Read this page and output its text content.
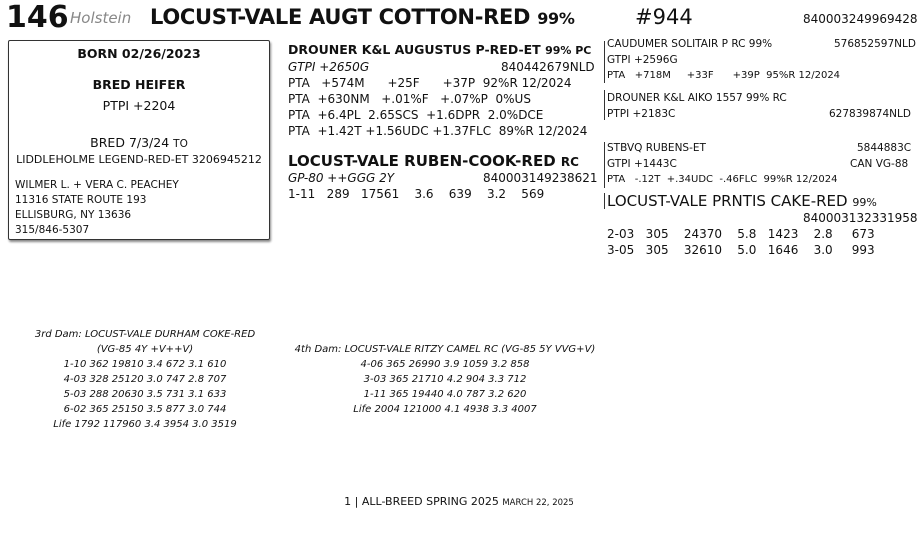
146 Holstein LOCUST-VALE AUGT COTTON-RED 99%	#944	840003249969428
BORN 02/26/2023
BRED HEIFER
PTPI +2204
BRED 7/3/24 TO
LIDDLEHOLME LEGEND-RED-ET 3206945212
WILMER L. + VERA C. PEACHEY
11316 STATE ROUTE 193
ELLISBURG, NY 13636
315/846-5307
DROUNER K&L AUGUSTUS P-RED-ET 99% PC
GTPI +2650G	840442679NLD
PTA   +574M      +25F      +37P  92%R 12/2024
PTA  +630NM   +.01%F   +.07%P  0%US
PTA  +6.4PL  2.65SCS  +1.6DPR  2.0%DCE
PTA  +1.42T +1.56UDC +1.37FLC  89%R 12/2024
LOCUST-VALE RUBEN-COOK-RED RC
GP-80 ++GGG 2Y	840003149238621
1-11   289   17561    3.6    639    3.2    569
CAUDUMER SOLITAIR P RC 99%	576852597NLD
GTPI +2596G
PTA   +718M     +33F      +39P  95%R 12/2024
DROUNER K&L AIKO 1557 99% RC
PTPI +2183C	627839874NLD
STBVQ RUBENS-ET	5844883C
GTPI +1443C	CAN VG-88
PTA   -.12T  +.34UDC  -.46FLC  99%R 12/2024
LOCUST-VALE PRNTIS CAKE-RED 99%
840003132331958
2-03   305    24370    5.8   1423    2.8     673
3-05   305    32610    5.0   1646    3.0     993
3rd Dam: LOCUST-VALE DURHAM COKE-RED
(VG-85 4Y +V++V)
1-10 362 19810 3.4 672 3.1 610
4-03 328 25120 3.0 747 2.8 707
5-03 288 20630 3.5 731 3.1 633
6-02 365 25150 3.5 877 3.0 744
Life 1792 117960 3.4 3954 3.0 3519
4th Dam: LOCUST-VALE RITZY CAMEL RC (VG-85 5Y VVG+V)
4-06 365 26990 3.9 1059 3.2 858
3-03 365 21710 4.2 904 3.3 712
1-11 365 19440 4.0 787 3.2 620
Life 2004 121000 4.1 4938 3.3 4007
1 | ALL-BREED SPRING 2025 MARCH 22, 2025
